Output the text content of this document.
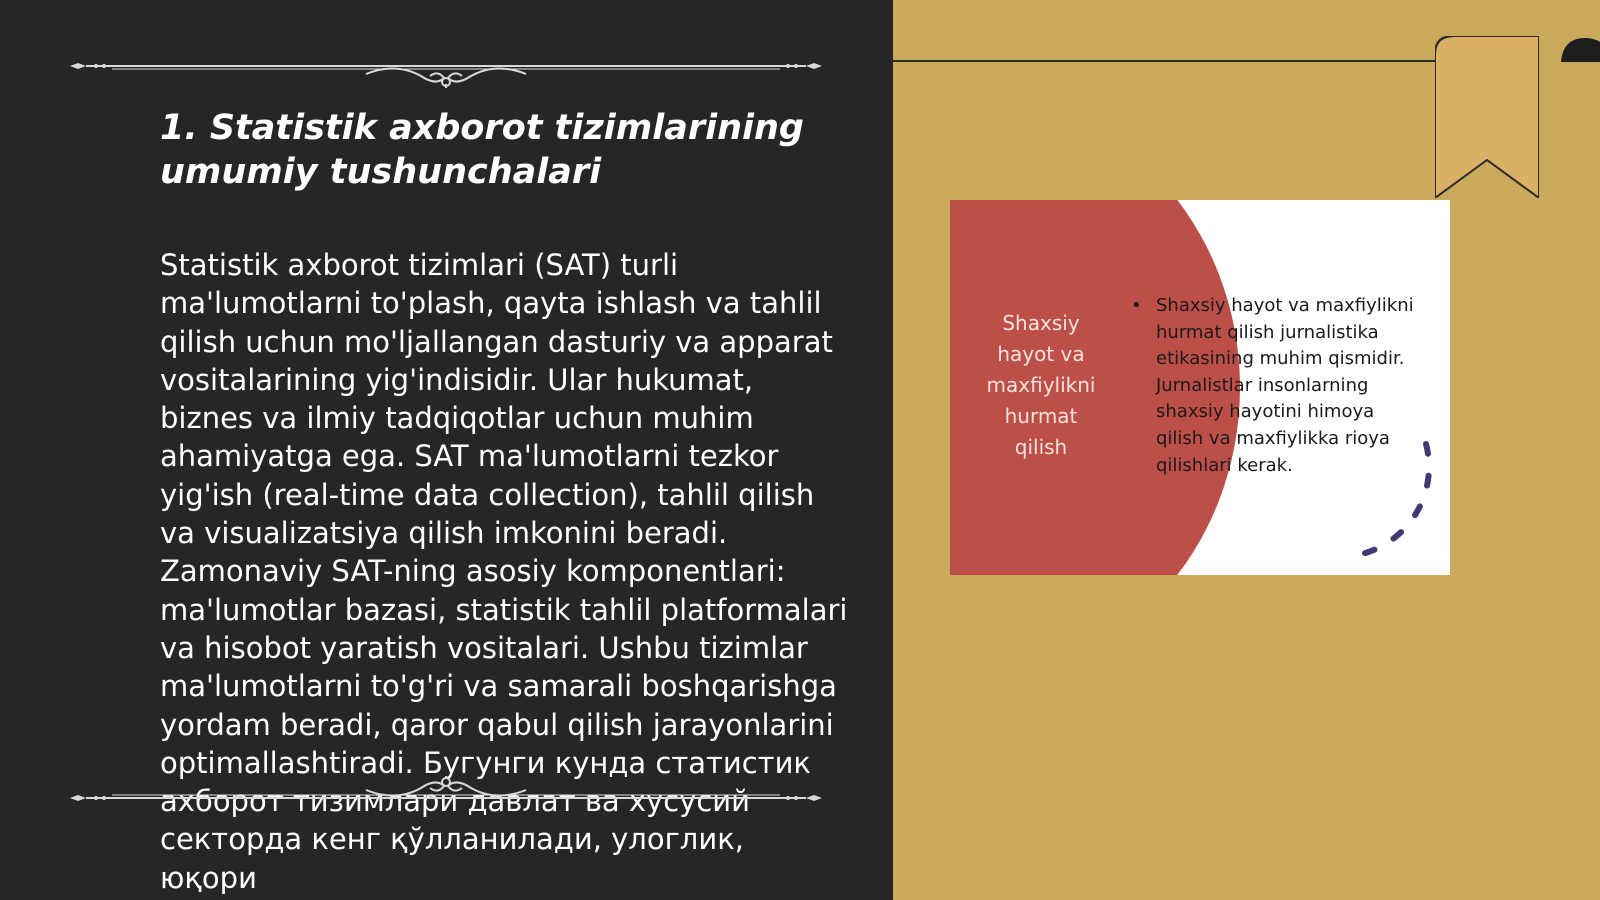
1. Statistik axborot tizimlarining umumiy tushunchalari
Statistik axborot tizimlari (SAT) turli ma'lumotlarni to'plash, qayta ishlash va tahlil qilish uchun mo'ljallangan dasturiy va apparat vositalarining yig'indisidir. Ular hukumat, biznes va ilmiy tadqiqotlar uchun muhim ahamiyatga ega. SAT ma'lumotlarni tezkor yig'ish (real-time data collection), tahlil qilish va visualizatsiya qilish imkonini beradi. Zamonaviy SAT-ning asosiy komponentlari: ma'lumotlar bazasi, statistik tahlil platformalari va hisobot yaratish vositalari. Ushbu tizimlar ma'lumotlarni to'g'ri va samarali boshqarishga yordam beradi, qaror qabul qilish jarayonlarini optimallashtiradi. Бугунги кунда статистик ахборот тизимлари давлат ва хусусий секторда кенг қўлланилади, улоглик, юқори
Shaxsiy hayot va maxfiylikni hurmat qilish
• Shaxsiy hayot va maxfiylikni hurmat qilish jurnalistika etikasining muhim qismidir. Jurnalistlar insonlarning shaxsiy hayotini himoya qilish va maxfiylikka rioya qilishlari kerak.
